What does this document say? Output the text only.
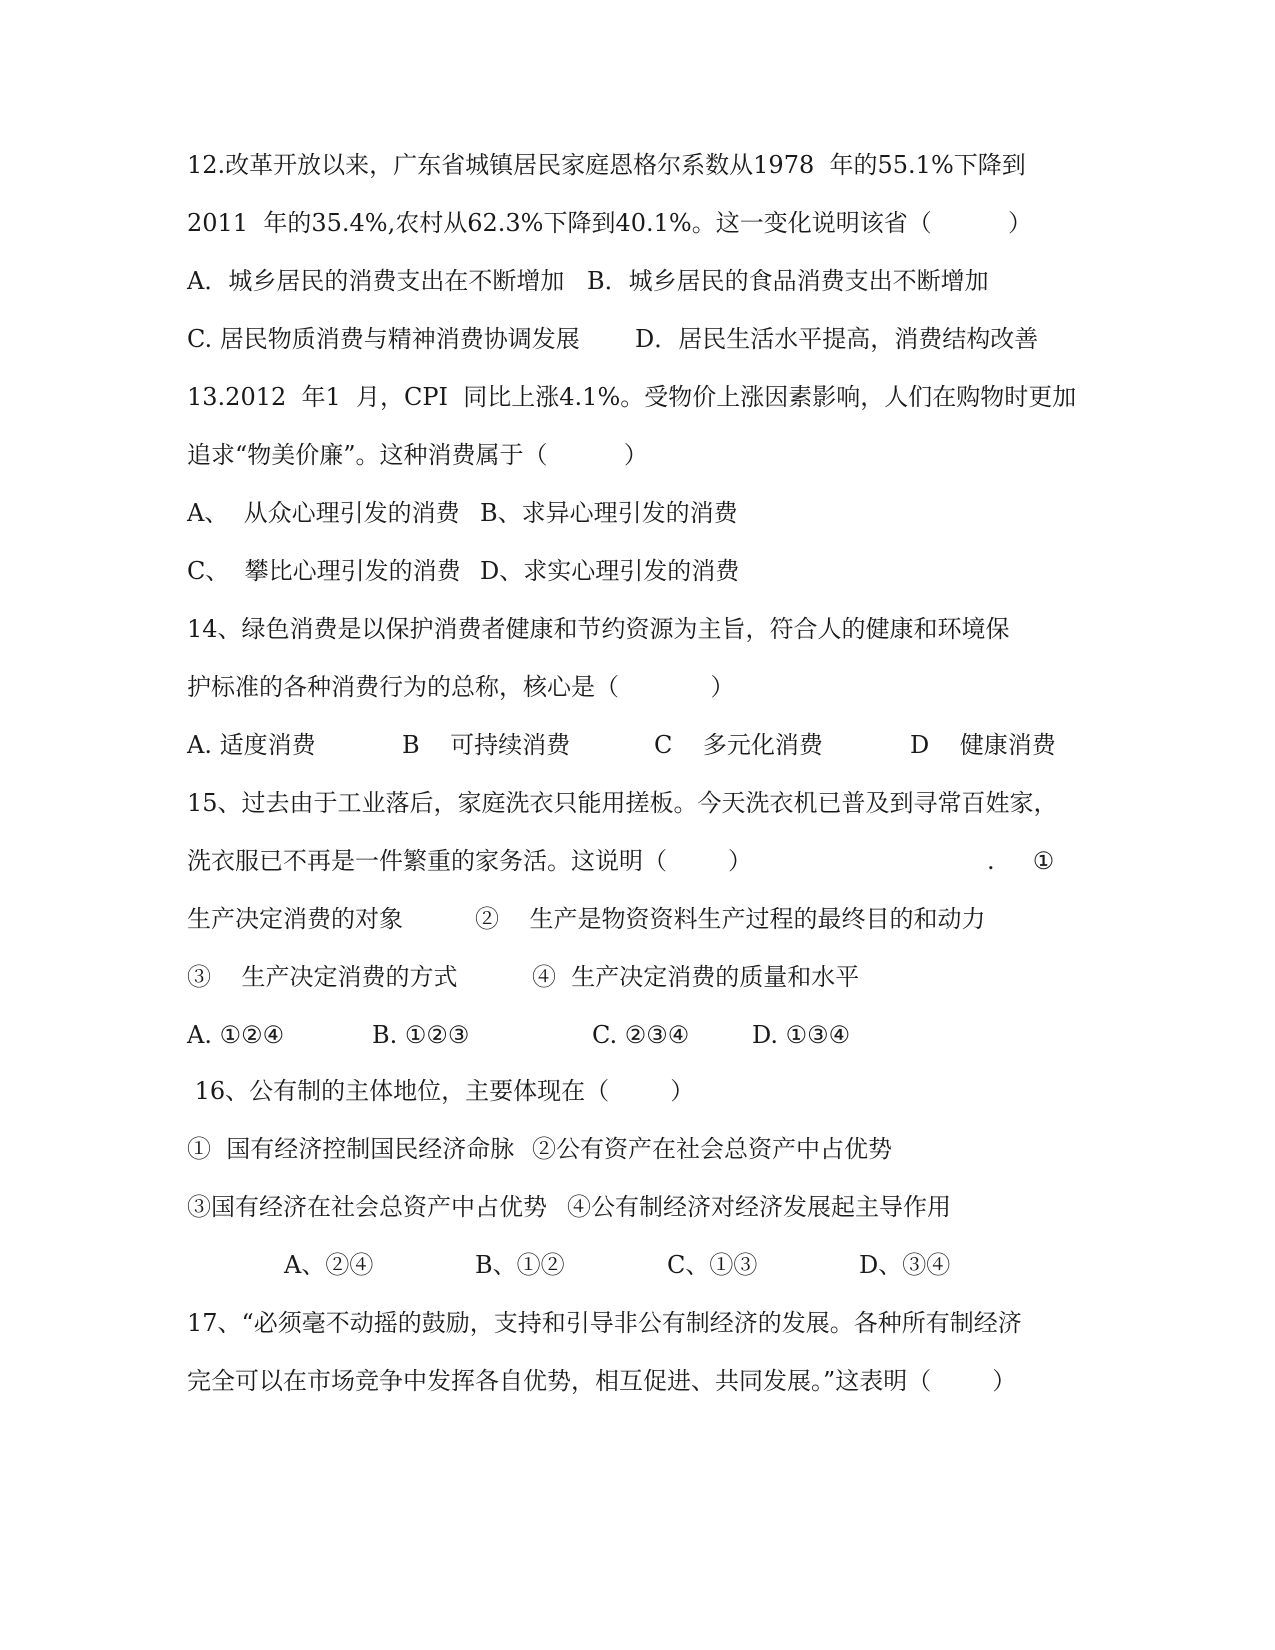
12.改革开放以来，广东省城镇居民家庭恩格尔系数从1978  年的55.1%下降到
2011  年的35.4%,农村从62.3%下降到40.1%。这一变化说明该省（          ）

A．城乡居民的消费支出在不断增加

B．城乡居民的食品消费支出不断增加

C. 居民物质消费与精神消费协调发展

D．居民生活水平提高，消费结构改善

13.2012  年1  月，CPI  同比上涨4.1%。受物价上涨因素影响，人们在购物时更加
追求“物美价廉”。这种消费属于（          ）

A、  从众心理引发的消费

B、求异心理引发的消费

C、  攀比心理引发的消费

D、求实心理引发的消费

14、绿色消费是以保护消费者健康和节约资源为主旨，符合人的健康和环境保
护标准的各种消费行为的总称，核心是（            ）

A. 适度消费

	B    可持续消费

	C    多元化消费

	D    健康消费

15、过去由于工业落后，家庭洗衣只能用搓板。今天洗衣机已普及到寻常百姓家，

洗衣服已不再是一件繁重的家务活。这说明（        ）

	.     ①

生产决定消费的对象

	②    生产是物资资料生产过程的最终目的和动力

③    生产决定消费的方式

	④  生产决定消费的质量和水平

A. ①②④

	B. ①②③

	C. ②③④

	D. ①③④

16、公有制的主体地位，主要体现在（        ）

①  国有经济控制国民经济命脉

②公有资产在社会总资产中占优势

③国有经济在社会总资产中占优势

④公有制经济对经济发展起主导作用

A、②④

	B、①②

	C、①③

	D、③④

17、“必须毫不动摇的鼓励，支持和引导非公有制经济的发展。各种所有制经济
完全可以在市场竞争中发挥各自优势，相互促进、共同发展。”这表明（        ）
